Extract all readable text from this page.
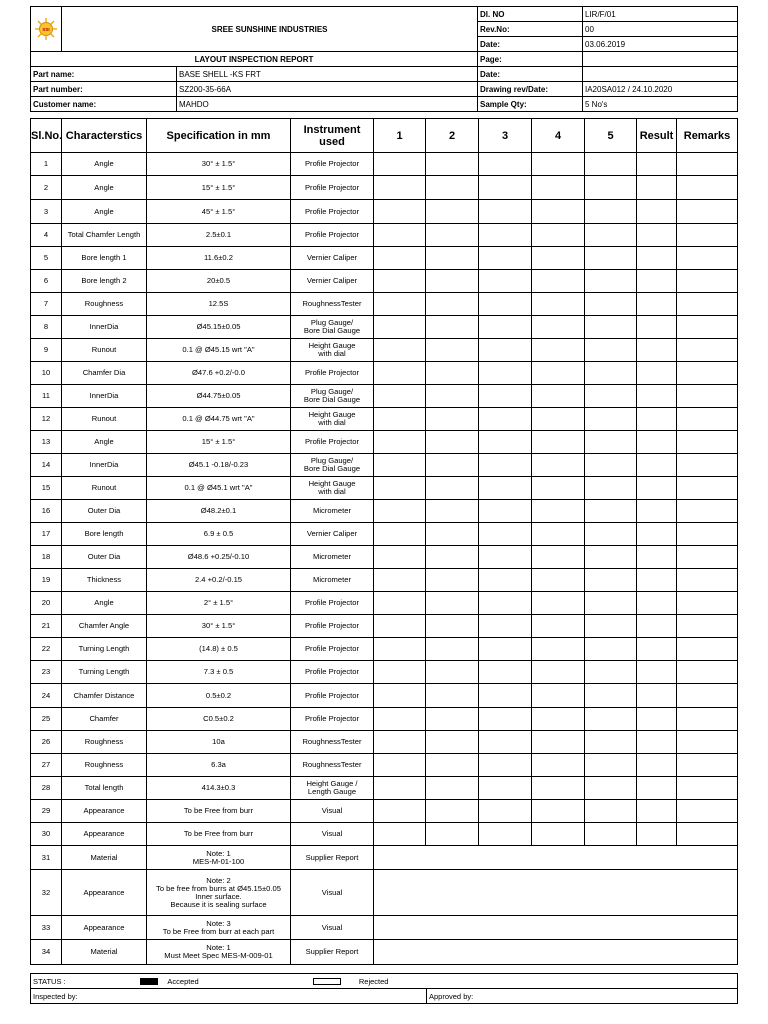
SSI	SREE SUNSHINE INDUSTRIES		Dl. NO	LIR/F/01
			Rev.No:	00
			Date:	03.06.2019
LAYOUT INSPECTION REPORT			Page:	
Part name:		BASE SHELL -KS FRT	Date:	
Part number:		SZ200-35-66A	Drawing rev/Date:	IA20SA012 / 24.10.2020
Customer name:		MAHDO	Sample Qty:	5 No's
Sl.No.	Characterstics	Specification in mm	Instrument used	1	2	3	4	5	Result	Remarks
1	Angle	30° ± 1.5°	Profile Projector							
2	Angle	15° ± 1.5°	Profile Projector							
3	Angle	45° ± 1.5°	Profile Projector							
4	Total Chamfer Length	2.5±0.1	Profile Projector							
5	Bore length 1	11.6±0.2	Vernier Caliper							
6	Bore length 2	20±0.5	Vernier Caliper							
7	Roughness	12.5S	RoughnessTester							
8	InnerDia	Ø45.15±0.05	Plug Gauge/
Bore Dial Gauge							
9	Runout	0.1 @ Ø45.15 wrt "A"	Height Gauge
with dial							
10	Chamfer Dia	Ø47.6 +0.2/-0.0	Profile Projector							
11	InnerDia	Ø44.75±0.05	Plug Gauge/
Bore Dial Gauge							
12	Runout	0.1 @ Ø44.75 wrt "A"	Height Gauge
with dial							
13	Angle	15° ± 1.5°	Profile Projector							
14	InnerDia	Ø45.1 -0.18/-0.23	Plug Gauge/
Bore Dial Gauge							
15	Runout	0.1 @ Ø45.1 wrt "A"	Height Gauge
with dial							
16	Outer Dia	Ø48.2±0.1	Micrometer							
17	Bore length	6.9 ± 0.5	Vernier Caliper							
18	Outer Dia	Ø48.6 +0.25/-0.10	Micrometer							
19	Thickness	2.4 +0.2/-0.15	Micrometer							
20	Angle	2° ± 1.5°	Profile Projector							
21	Chamfer Angle	30° ± 1.5°	Profile Projector							
22	Turning Length	(14.8) ± 0.5	Profile Projector							
23	Turning Length	7.3 ± 0.5	Profile Projector							
24	Chamfer Distance	0.5±0.2	Profile Projector							
25	Chamfer	C0.5±0.2	Profile Projector							
26	Roughness	10a	RoughnessTester							
27	Roughness	6.3a	RoughnessTester							
28	Total length	414.3±0.3	Height Gauge /
Length Gauge							
29	Appearance	To be Free from burr	Visual							
30	Appearance	To be Free from burr	Visual							
31	Material	Note: 1
MES-M-01-100	Supplier Report							
32	Appearance	Note: 2
To be free from burrs at Ø45.15±0.05
Inner surface.
Because it is sealing surface	Visual							
33	Appearance	Note: 3
To be Free from burr at each part	Visual							
34	Material	Note: 1
Must Meet Spec MES-M-009-01	Supplier Report							
STATUS :	Accepted	Rejected
Inspected by:	Approved by:
